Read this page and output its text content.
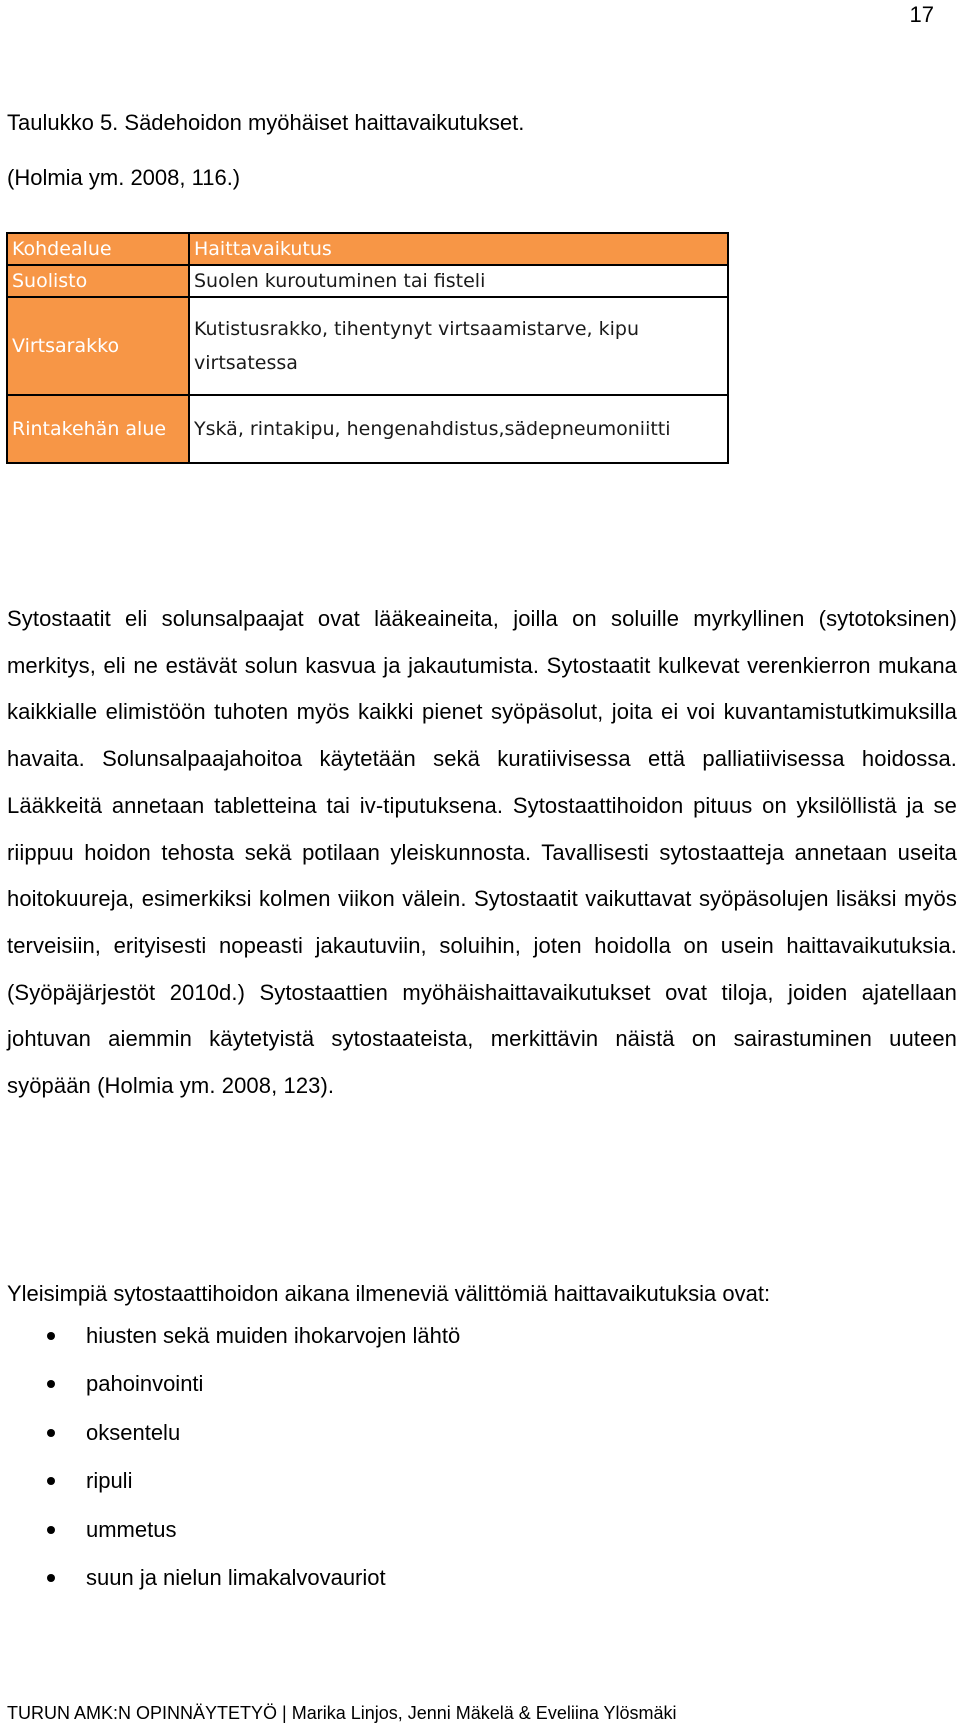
17
Taulukko 5. Sädehoidon myöhäiset haittavaikutukset.
(Holmia ym. 2008, 116.)
Kohdealue	Haittavaikutus
Suolisto	Suolen kuroutuminen tai fisteli
Virtsarakko	Kutistusrakko, tihentynyt virtsaamistarve, kipu virtsatessa
Rintakehän alue	Yskä, rintakipu, hengenahdistus,sädepneumoniitti
Sytostaatit eli solunsalpaajat ovat lääkeaineita, joilla on soluille myrkyllinen (sytotoksinen) merkitys, eli ne estävät solun kasvua ja jakautumista. Sytostaatit kulkevat verenkierron mukana kaikkialle elimistöön tuhoten myös kaikki pienet syöpäsolut, joita ei voi kuvantamistutkimuksilla havaita. Solunsalpaajahoitoa käytetään sekä kuratiivisessa että palliatiivisessa hoidossa. Lääkkeitä annetaan tabletteina tai iv-tiputuksena. Sytostaattihoidon pituus on yksilöllistä ja se riippuu hoidon tehosta sekä potilaan yleiskunnosta. Tavallisesti sytostaatteja annetaan useita hoitokuureja, esimerkiksi kolmen viikon välein. Sytostaatit vaikuttavat syöpäsolujen lisäksi myös terveisiin, erityisesti nopeasti jakautuviin, soluihin, joten hoidolla on usein haittavaikutuksia. (Syöpäjärjestöt 2010d.) Sytostaattien myöhäishaittavaikutukset ovat tiloja, joiden ajatellaan johtuvan aiemmin käytetyistä sytostaateista, merkittävin näistä on sairastuminen uuteen syöpään (Holmia ym. 2008, 123).
Yleisimpiä sytostaattihoidon aikana ilmeneviä välittömiä haittavaikutuksia ovat:
hiusten sekä muiden ihokarvojen lähtö
pahoinvointi
oksentelu
ripuli
ummetus
suun ja nielun limakalvovauriot
TURUN AMK:N OPINNÄYTETYÖ | Marika Linjos, Jenni Mäkelä & Eveliina Ylösmäki
